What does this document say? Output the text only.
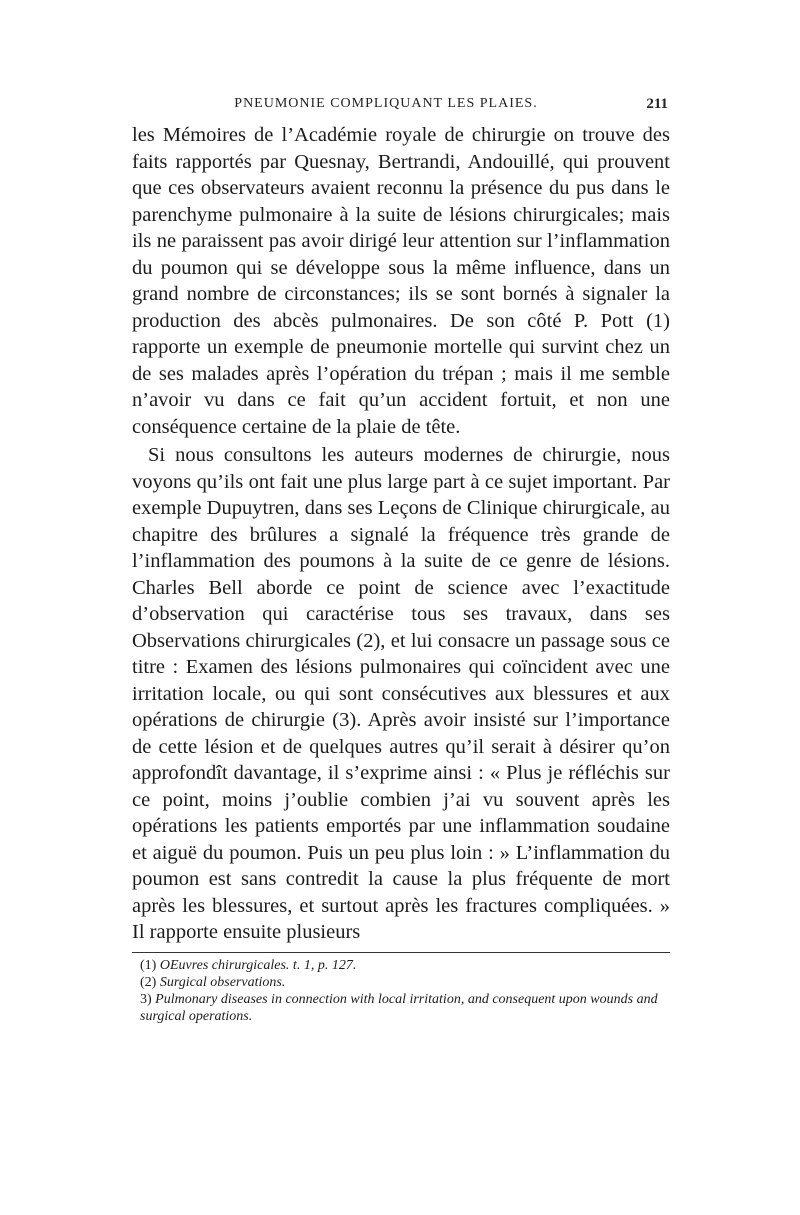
PNEUMONIE COMPLIQUANT LES PLAIES.	211

les Mémoires de l’Académie royale de chirurgie on trouve des faits rapportés par Quesnay, Bertrandi, Andouillé, qui prouvent que ces observateurs avaient reconnu la présence du pus dans le parenchyme pulmonaire à la suite de lésions chirurgicales; mais ils ne paraissent pas avoir dirigé leur attention sur l’inflammation du poumon qui se développe sous la même influence, dans un grand nombre de circonstances; ils se sont bornés à signaler la production des abcès pulmonaires. De son côté P. Pott (1) rapporte un exemple de pneumonie mortelle qui survint chez un de ses malades après l’opération du trépan ; mais il me semble n’avoir vu dans ce fait qu’un accident fortuit, et non une conséquence certaine de la plaie de tête.

Si nous consultons les auteurs modernes de chirurgie, nous voyons qu’ils ont fait une plus large part à ce sujet important. Par exemple Dupuytren, dans ses Leçons de Clinique chirurgicale, au chapitre des brûlures a signalé la fréquence très grande de l’inflammation des poumons à la suite de ce genre de lésions. Charles Bell aborde ce point de science avec l’exactitude d’observation qui caractérise tous ses travaux, dans ses Observations chirurgicales (2), et lui consacre un passage sous ce titre : Examen des lésions pulmonaires qui coïncident avec une irritation locale, ou qui sont consécutives aux blessures et aux opérations de chirurgie (3). Après avoir insisté sur l’importance de cette lésion et de quelques autres qu’il serait à désirer qu’on approfondît davantage, il s’exprime ainsi : « Plus je réfléchis sur ce point, moins j’oublie combien j’ai vu souvent après les opérations les patients emportés par une inflammation soudaine et aiguë du poumon. Puis un peu plus loin : » L’inflammation du poumon est sans contredit la cause la plus fréquente de mort après les blessures, et surtout après les fractures compliquées. » Il rapporte ensuite plusieurs

(1) OEuvres chirurgicales. t. 1, p. 127.

(2) Surgical observations.

3) Pulmonary diseases in connection with local irritation, and consequent upon wounds and surgical operations.
